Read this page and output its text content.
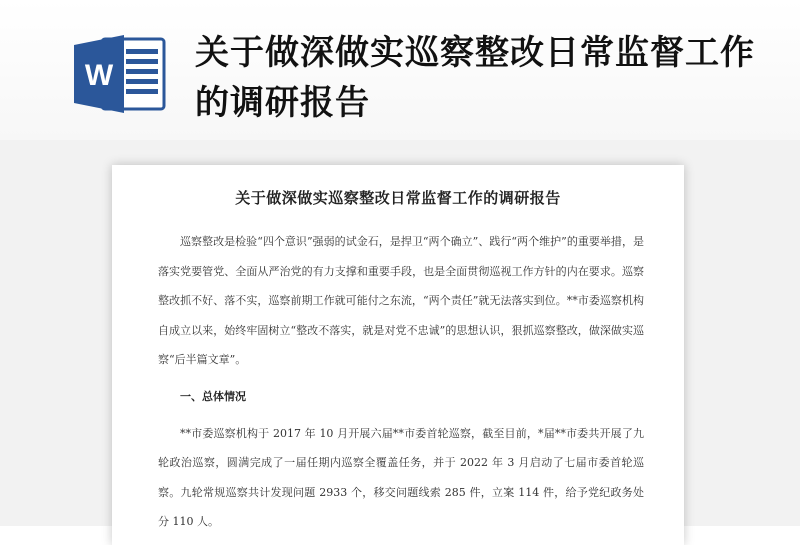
W
关于做深做实巡察整改日常监督工作的调研报告
关于做深做实巡察整改日常监督工作的调研报告

巡察整改是检验“四个意识”强弱的试金石，是捍卫“两个确立”、践行“两个维护”的重要举措，是落实党要管党、全面从严治党的有力支撑和重要手段，也是全面贯彻巡视工作方针的内在要求。巡察整改抓不好、落不实，巡察前期工作就可能付之东流，“两个责任”就无法落实到位。**市委巡察机构自成立以来，始终牢固树立“整改不落实，就是对党不忠诚”的思想认识，狠抓巡察整改，做深做实巡察“后半篇文章”。

一、总体情况

**市委巡察机构于 2017 年 10 月开展六届**市委首轮巡察，截至目前，*届**市委共开展了九轮政治巡察，圆满完成了一届任期内巡察全覆盖任务，并于 2022 年 3 月启动了七届市委首轮巡察。九轮常规巡察共计发现问题 2933 个，移交问题线索 285 件，立案 114 件，给予党纪政务处分 110 人。
